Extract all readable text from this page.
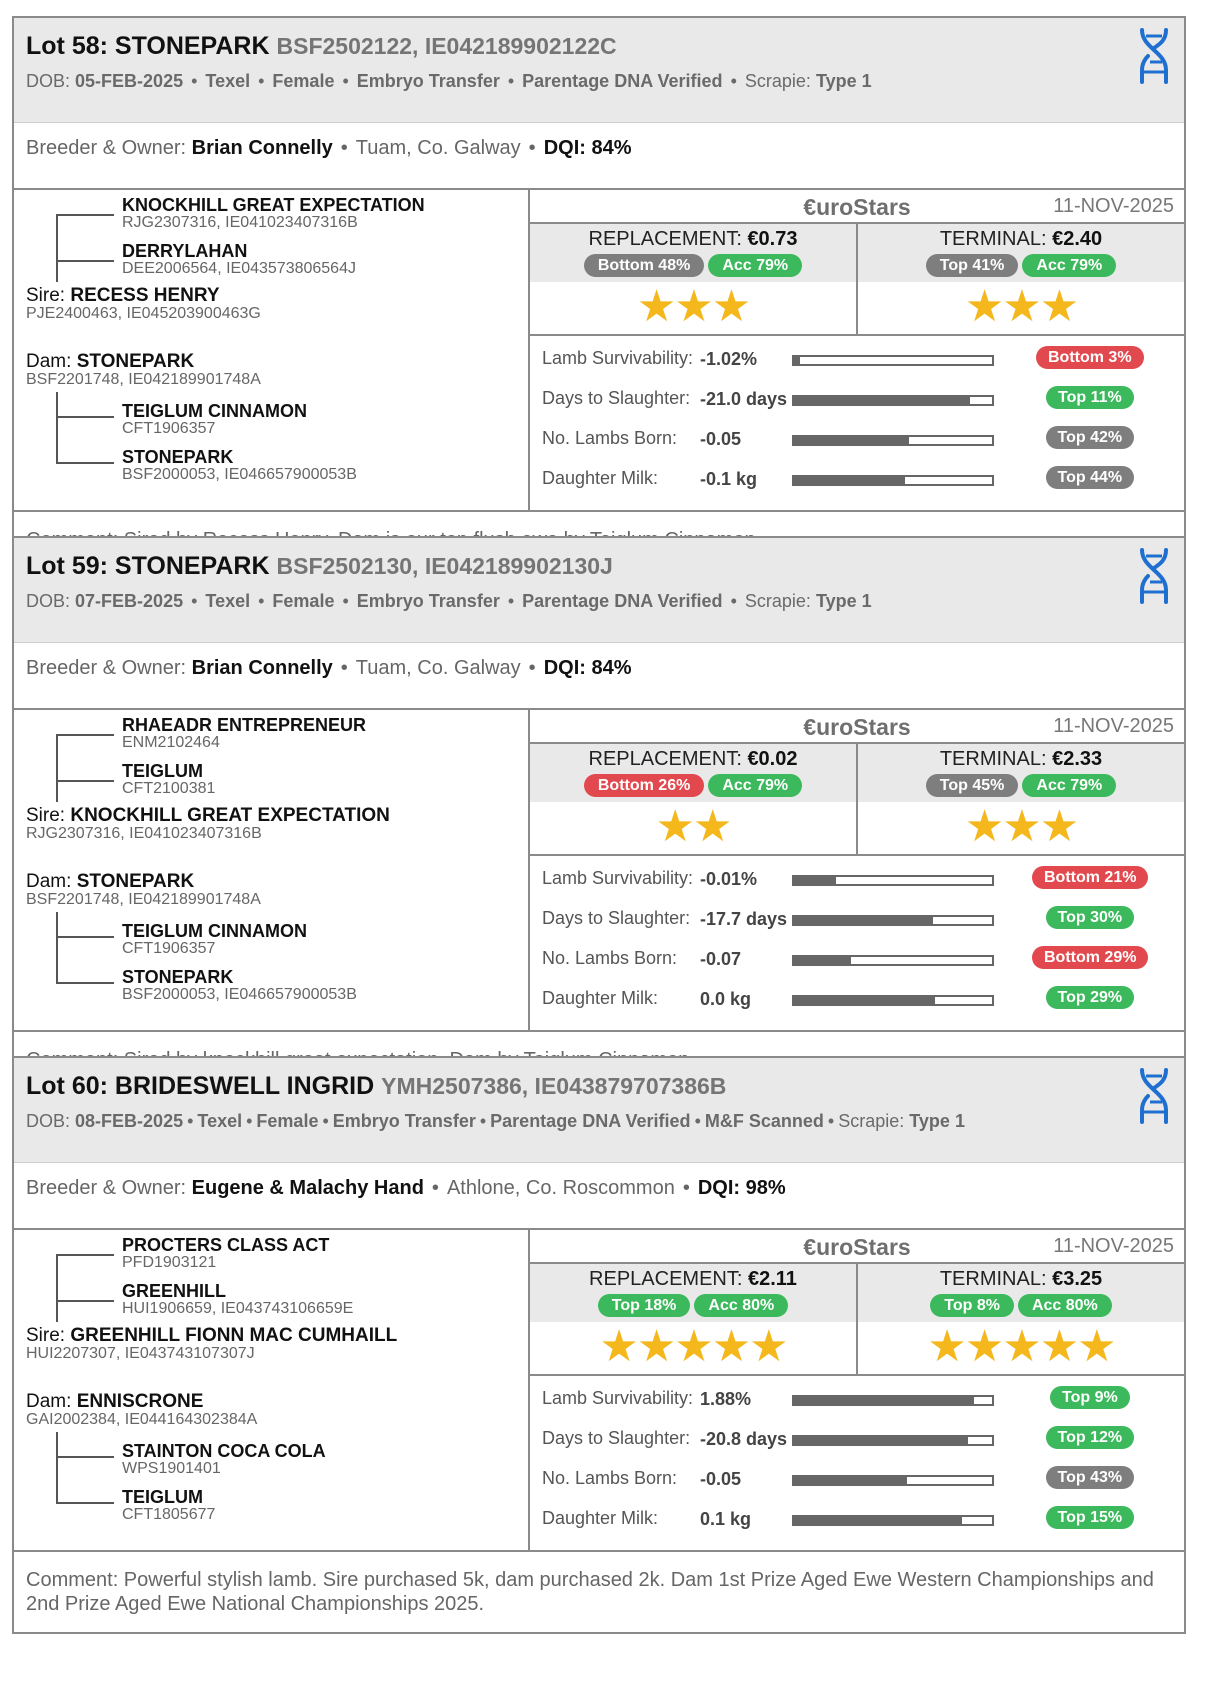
Lot 58: STONEPARK BSF2502122, IE042189902122C
DOB: 05-FEB-2025 • Texel • Female • Embryo Transfer • Parentage DNA Verified • Scrapie: Type 1
Breeder & Owner: Brian Connelly • Tuam, Co. Galway • DQI: 84%
KNOCKHILL GREAT EXPECTATION
RJG2307316, IE041023407316B
DERRYLAHAN
DEE2006564, IE043573806564J
Sire: RECESS HENRY
PJE2400463, IE045203900463G
Dam: STONEPARK
BSF2201748, IE042189901748A
TEIGLUM CINNAMON
CFT1906357
STONEPARK
BSF2000053, IE046657900053B
€uroStars	11-NOV-2025
REPLACEMENT: €0.73
Bottom 48% Acc 79%
★★★
TERMINAL: €2.40
Top 41% Acc 79%
★★★
Lamb Survivability: -1.02%	Bottom 3%
Days to Slaughter: -21.0 days	Top 11%
No. Lambs Born: -0.05	Top 42%
Daughter Milk: -0.1 kg	Top 44%
Lot 59: STONEPARK BSF2502130, IE042189902130J
DOB: 07-FEB-2025 • Texel • Female • Embryo Transfer • Parentage DNA Verified • Scrapie: Type 1
Breeder & Owner: Brian Connelly • Tuam, Co. Galway • DQI: 84%
RHAEADR ENTREPRENEUR
ENM2102464
TEIGLUM
CFT2100381
Sire: KNOCKHILL GREAT EXPECTATION
RJG2307316, IE041023407316B
Dam: STONEPARK
BSF2201748, IE042189901748A
TEIGLUM CINNAMON
CFT1906357
STONEPARK
BSF2000053, IE046657900053B
€uroStars	11-NOV-2025
REPLACEMENT: €0.02
Bottom 26% Acc 79%
★★
TERMINAL: €2.33
Top 45% Acc 79%
★★★
Lamb Survivability: -0.01%	Bottom 21%
Days to Slaughter: -17.7 days	Top 30%
No. Lambs Born: -0.07	Bottom 29%
Daughter Milk: 0.0 kg	Top 29%
Lot 60: BRIDESWELL INGRID YMH2507386, IE043879707386B
DOB: 08-FEB-2025 • Texel • Female • Embryo Transfer • Parentage DNA Verified • M&F Scanned • Scrapie: Type 1
Breeder & Owner: Eugene & Malachy Hand • Athlone, Co. Roscommon • DQI: 98%
PROCTERS CLASS ACT
PFD1903121
GREENHILL
HUI1906659, IE043743106659E
Sire: GREENHILL FIONN MAC CUMHAILL
HUI2207307, IE043743107307J
Dam: ENNISCRONE
GAI2002384, IE044164302384A
STAINTON COCA COLA
WPS1901401
TEIGLUM
CFT1805677
€uroStars	11-NOV-2025
REPLACEMENT: €2.11
Top 18% Acc 80%
★★★★★
TERMINAL: €3.25
Top 8% Acc 80%
★★★★★
Lamb Survivability: 1.88%	Top 9%
Days to Slaughter: -20.8 days	Top 12%
No. Lambs Born: -0.05	Top 43%
Daughter Milk: 0.1 kg	Top 15%
Comment: Powerful stylish lamb. Sire purchased 5k, dam purchased 2k. Dam 1st Prize Aged Ewe Western Championships and 2nd Prize Aged Ewe National Championships 2025.
